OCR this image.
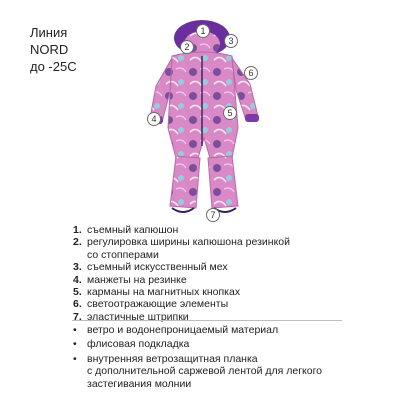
Линия
NORD
до -25С
1
2
3
4
5
6
7
1. съемный капюшон
2. регулировка ширины капюшона резинкой
со стопперами
3. съемный искусственный мех
4. манжеты на резинке
5. карманы на магнитных кнопках
6. светоотражающие элементы
7. эластичные штрипки
• ветро и водонепроницаемый материал
• флисовая подкладка
• внутренняя ветрозащитная планка
с дополнительной саржевой лентой для легкого
застегивания молнии
